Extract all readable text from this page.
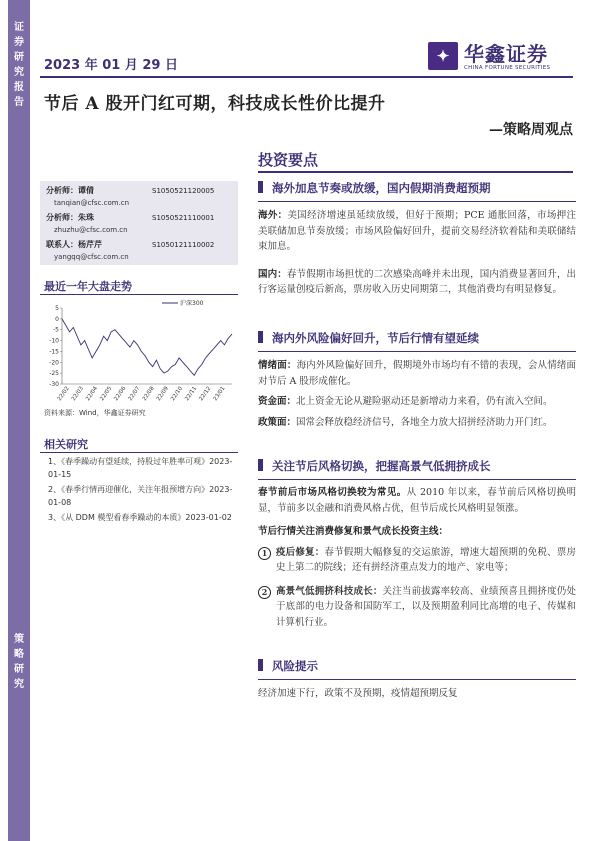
证
券
研
究
报
告
策
略
研
究
2023 年 01 月 29 日
✦ 华鑫证券
CHINA FORTUNE SECURITIES
节后 A 股开门红可期，科技成长性价比提升
—策略周观点
投资要点
分析师：谭倩	S1050521120005
tanqian@cfsc.com.cn
分析师：朱珠	S1050521110001
zhuzhu@cfsc.com.cn
联系人：杨芹芹	S1050121110002
yangqq@cfsc.com.cn
最近一年大盘走势
5
0
-5
-10
-15
-20
-25
-30
22/02 22/03 22/04 22/05 22/06 22/07 22/08 22/09 22/10 22/11 22/12 23/01
沪深300
资料来源：Wind，华鑫证券研究
相关研究
1、《春季躁动有望延续，持股过年胜率可观》2023-01-15
2、《春季行情再迎催化，关注年报预增方向》2023-01-08
3、《从 DDM 模型看春季躁动的本质》2023-01-02
海外加息节奏或放缓，国内假期消费超预期
海外：美国经济增速虽延续放缓，但好于预期；PCE 通胀回落，市场押注美联储加息节奏放缓；市场风险偏好回升，提前交易经济软着陆和美联储结束加息。
国内：春节假期市场担忧的二次感染高峰并未出现，国内消费显著回升，出行客运量创疫后新高，票房收入历史同期第二，其他消费均有明显修复。
海内外风险偏好回升，节后行情有望延续
情绪面：海内外风险偏好回升，假期境外市场均有不错的表现，会从情绪面对节后 A 股形成催化。
资金面：北上资金无论从避险驱动还是新增动力来看，仍有流入空间。
政策面：国常会释放稳经济信号，各地全力放大招拼经济助力开门红。
关注节后风格切换，把握高景气低拥挤成长
春节前后市场风格切换较为常见。从 2010 年以来，春节前后风格切换明显，节前多以金融和消费风格占优，但节后成长风格明显领涨。
节后行情关注消费修复和景气成长投资主线：
1 疫后修复：春节假期大幅修复的交运旅游，增速大超预期的免税、票房史上第二的院线；还有拼经济重点发力的地产、家电等；
2 高景气低拥挤科技成长：关注当前拔露率较高、业绩预喜且拥挤度仍处于底部的电力设备和国防军工，以及预期盈利同比高增的电子、传媒和计算机行业。
风险提示
经济加速下行，政策不及预期，疫情超预期反复
